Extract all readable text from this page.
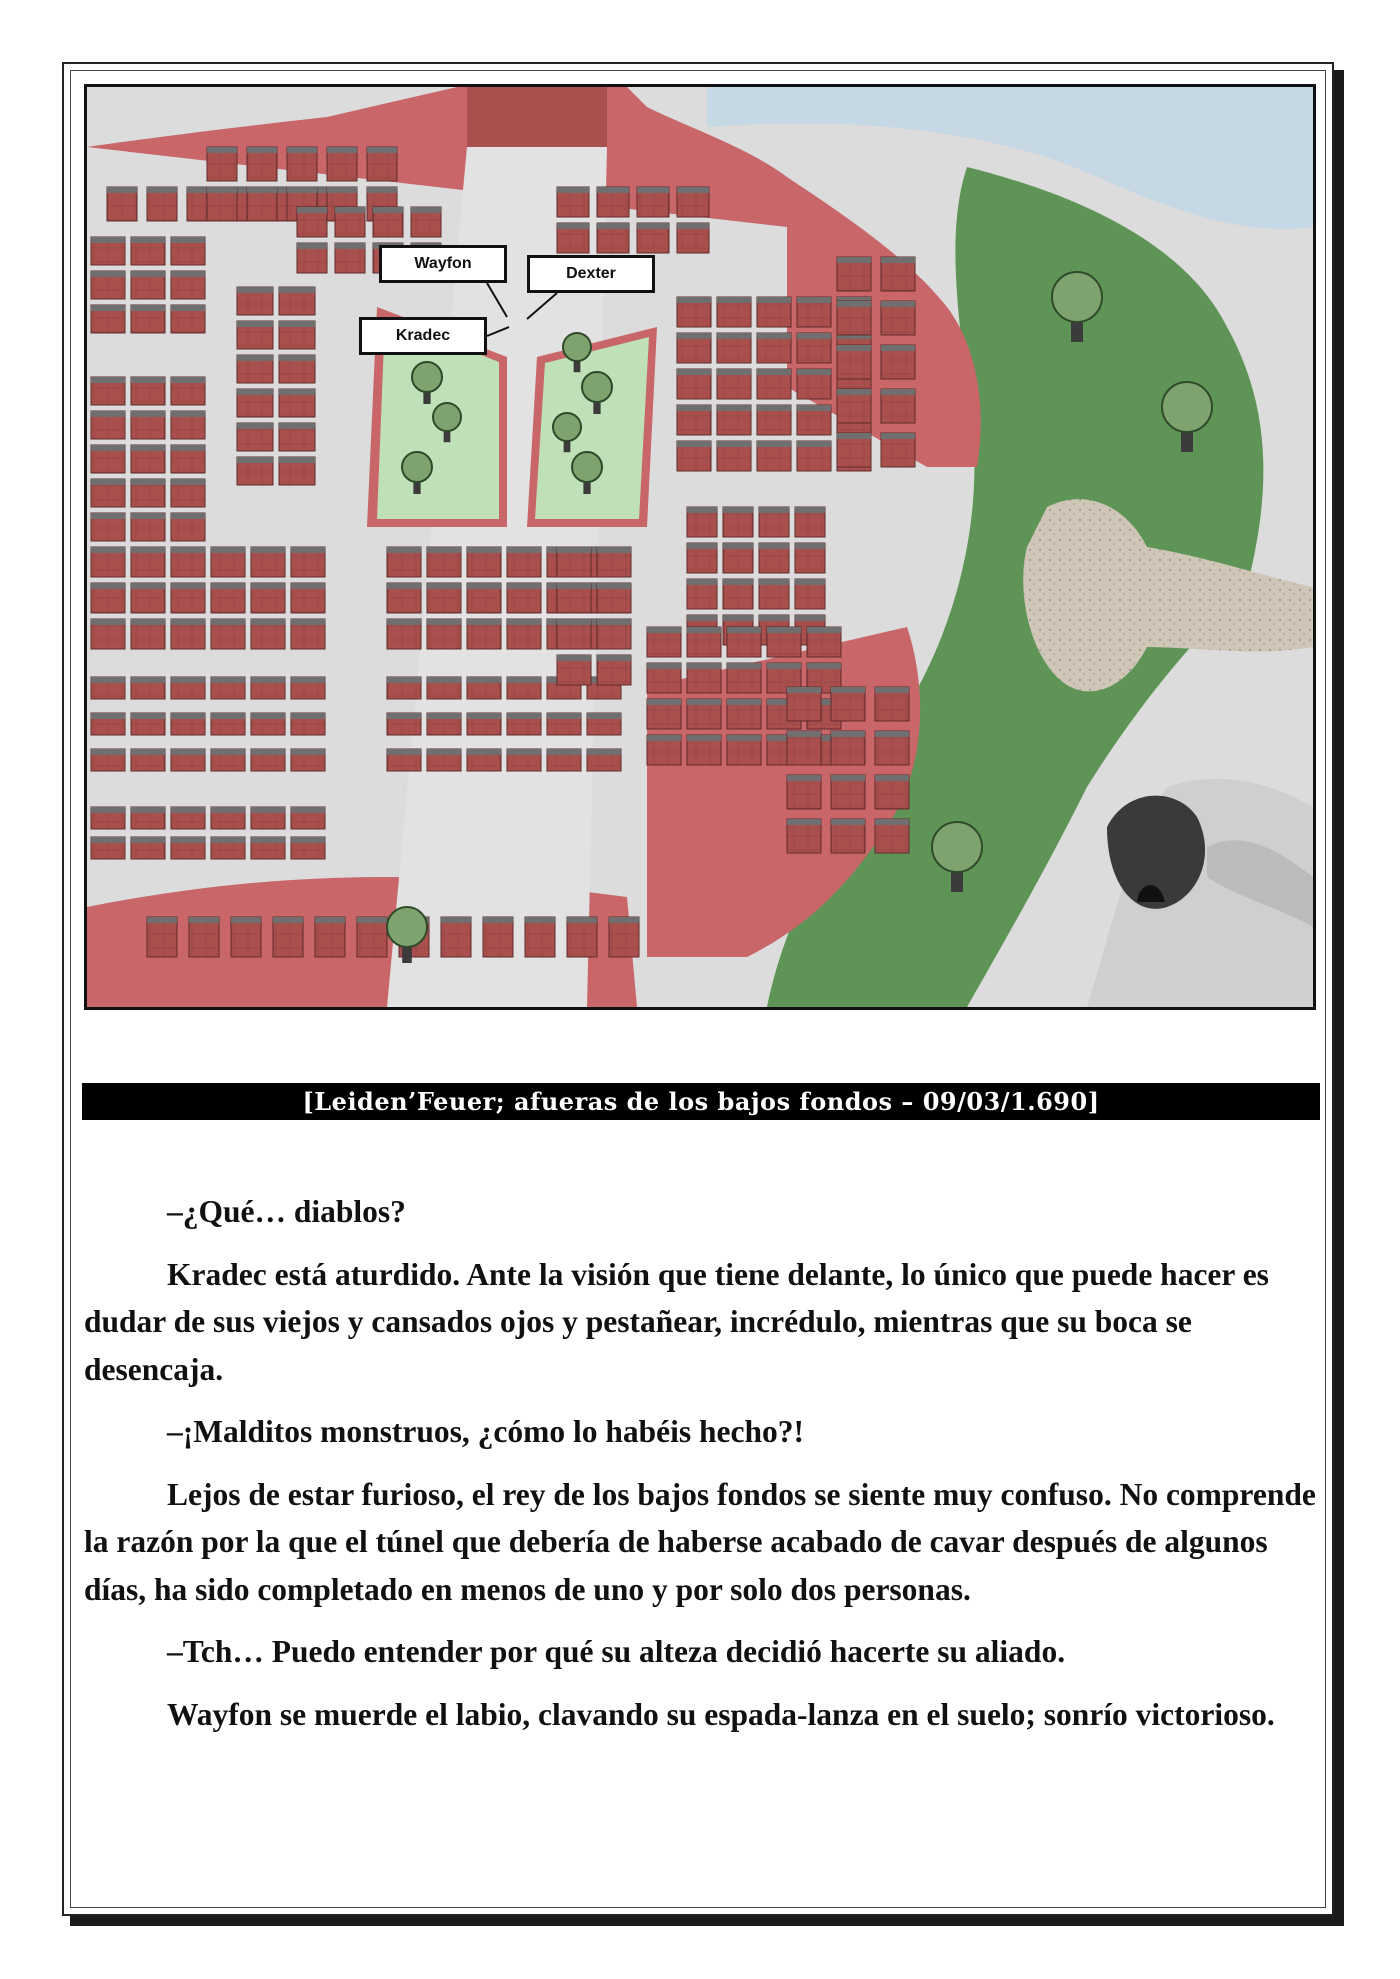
Wayfon
Dexter
Kradec
[Leiden’Feuer; afueras de los bajos fondos – 09/03/1.690]

–¿Qué… diablos?

Kradec está aturdido. Ante la visión que tiene delante, lo único que puede hacer es dudar de sus viejos y cansados ojos y pestañear, incrédulo, mientras que su boca se desencaja.

–¡Malditos monstruos, ¿cómo lo habéis hecho?!

Lejos de estar furioso, el rey de los bajos fondos se siente muy confuso. No comprende la razón por la que el túnel que debería de haberse acabado de cavar después de algunos días, ha sido completado en menos de uno y por solo dos personas.

–Tch… Puedo entender por qué su alteza decidió hacerte su aliado.

Wayfon se muerde el labio, clavando su espada-lanza en el suelo; sonrío victorioso.
